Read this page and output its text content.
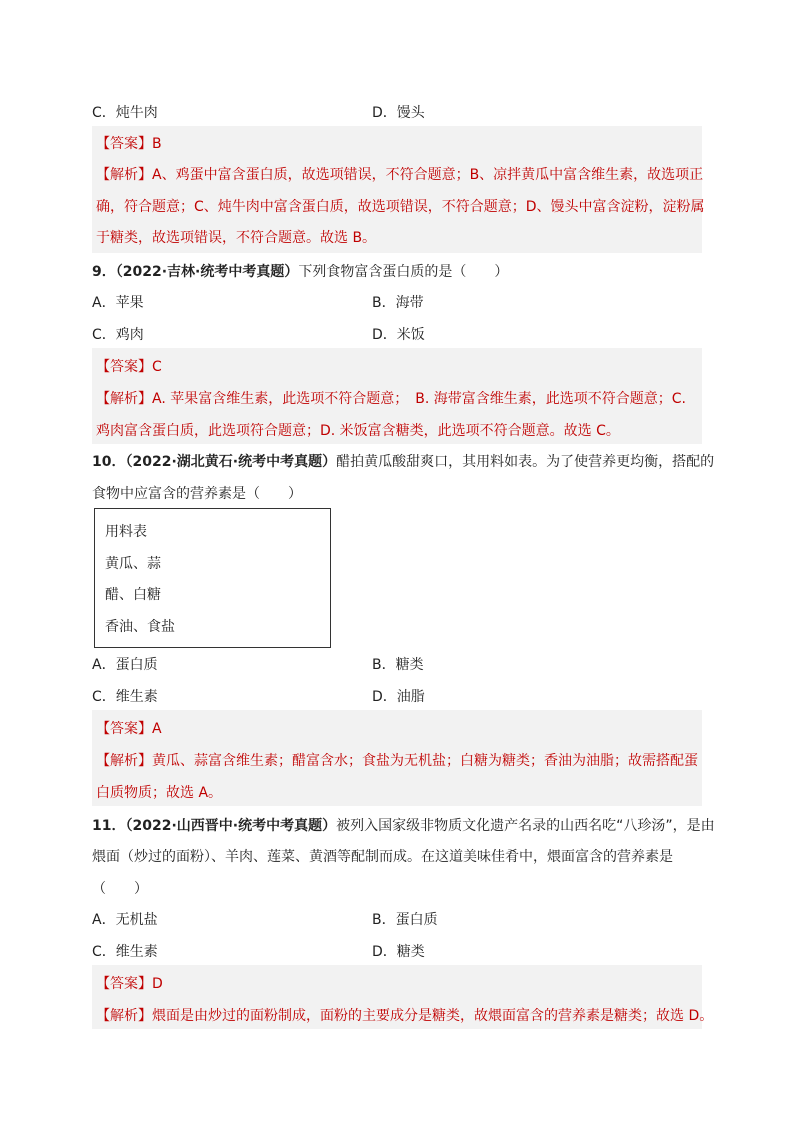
C．炖牛肉	D．馒头
【答案】B
【解析】A、鸡蛋中富含蛋白质，故选项错误，不符合题意；B、凉拌黄瓜中富含维生素，故选项正
确，符合题意；C、炖牛肉中富含蛋白质，故选项错误，不符合题意；D、馒头中富含淀粉，淀粉属
于糖类，故选项错误，不符合题意。故选 B。
9．（2022·吉林·统考中考真题）下列食物富含蛋白质的是（　　）
A．苹果	B．海带
C．鸡肉	D．米饭
【答案】C
【解析】A. 苹果富含维生素，此选项不符合题意；　B. 海带富含维生素，此选项不符合题意；C.
鸡肉富含蛋白质，此选项符合题意；D. 米饭富含糖类，此选项不符合题意。故选 C。
10．（2022·湖北黄石·统考中考真题）醋拍黄瓜酸甜爽口，其用料如表。为了使营养更均衡，搭配的
食物中应富含的营养素是（　　）
用料表
黄瓜、蒜
醋、白糖
香油、食盐
A．蛋白质	B．糖类
C．维生素	D．油脂
【答案】A
【解析】黄瓜、蒜富含维生素；醋富含水；食盐为无机盐；白糖为糖类；香油为油脂；故需搭配蛋
白质物质；故选 A。
11．（2022·山西晋中·统考中考真题）被列入国家级非物质文化遗产名录的山西名吃“八珍汤”，是由
煨面（炒过的面粉）、羊肉、莲菜、黄酒等配制而成。在这道美味佳肴中，煨面富含的营养素是
（　　）
A．无机盐	B．蛋白质
C．维生素	D．糖类
【答案】D
【解析】煨面是由炒过的面粉制成，面粉的主要成分是糖类，故煨面富含的营养素是糖类；故选 D。
